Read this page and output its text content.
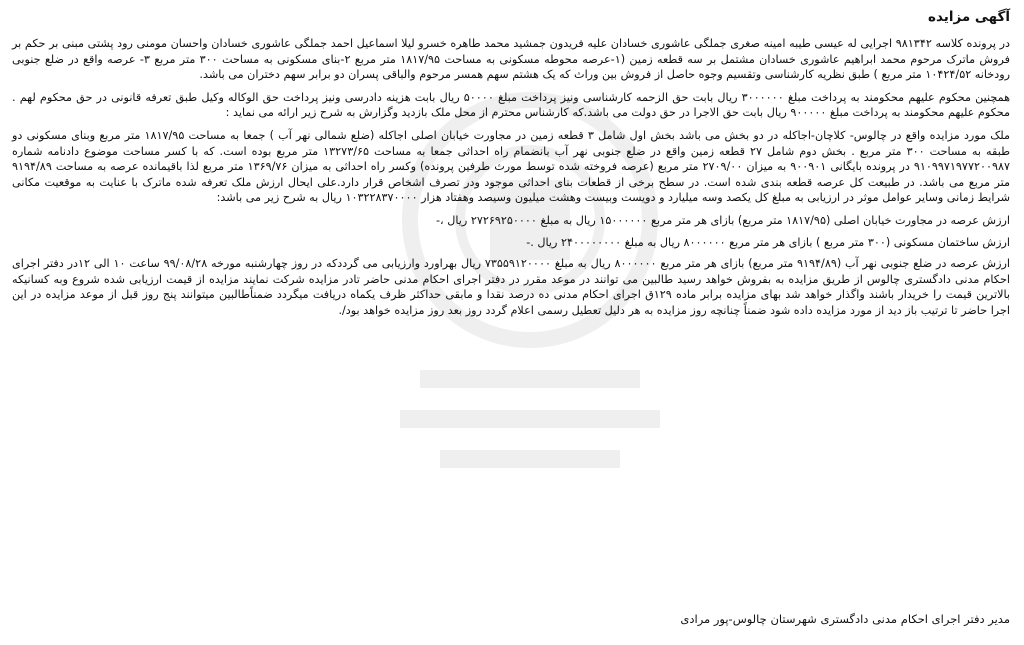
آگهی مزایده

در پرونده کلاسه ۹۸۱۳۴۲ اجرایی له عیسی طیبه امینه صغری جملگی عاشوری خسادان علیه فریدون جمشید محمد طاهره خسرو لیلا اسماعیل احمد جملگی عاشوری خسادان واحسان مومنی رود پشتی مبنی بر حکم بر فروش ماترک مرحوم محمد ابراهیم عاشوری خسادان مشتمل بر سه قطعه زمین (۱-عرصه محوطه مسکونی به مساحت ۱۸۱۷/۹۵ متر مربع ۲-بنای مسکونی به مساحت ۳۰۰ متر مربع ۳- عرصه واقع در ضلع جنوبی رودخانه ۱۰۴۲۴/۵۲ متر مربع ) طبق نظریه کارشناسی وتقسیم وجوه حاصل از فروش بین وراث که یک هشتم سهم همسر مرحوم والباقی پسران دو برابر سهم دختران می باشد.

همچنین محکوم علیهم محکومند به پرداخت مبلغ ۳۰۰۰۰۰۰ ریال بابت حق الزحمه کارشناسی ونیز پرداخت مبلغ ۵۰۰۰۰ ریال بابت هزینه دادرسی ونیز پرداخت حق الوکاله وکیل طبق تعرفه قانونی در حق محکوم لهم . محکوم علیهم محکومند به پرداخت مبلغ ۹۰۰۰۰۰ ریال بابت حق الاجرا در حق دولت می باشد.که کارشناس محترم از محل ملک بازدید وگزارش به شرح زیر ارائه می نماید :

ملک مورد مزایده واقع در چالوس- کلاچان-اجاکله در دو بخش می باشد بخش اول شامل ۳ قطعه زمین در مجاورت خیابان اصلی اجاکله (ضلع شمالی نهر آب ) جمعا به مساحت ۱۸۱۷/۹۵ متر مربع وبنای مسکونی دو طبقه به مساحت ۳۰۰ متر مربع . بخش دوم شامل ۲۷ قطعه زمین واقع در ضلع جنوبی نهر آب بانضمام راه احداثی جمعا به مساحت ۱۳۲۷۳/۶۵ متر مربع بوده است. که با کسر مساحت موضوع دادنامه شماره ۹۱۰۹۹۷۱۹۷۷۲۰۰۹۸۷ در پرونده بایگانی ۹۰۰۹۰۱ به میزان ۲۷۰۹/۰۰ متر مربع (عرصه فروخته شده توسط مورث طرفین پرونده) وکسر راه احداثی به میزان ۱۳۶۹/۷۶ متر مربع لذا باقیمانده عرصه به مساحت ۹۱۹۴/۸۹ متر مربع می باشد. در طبیعت کل عرصه قطعه بندی شده است. در سطح برخی از قطعات بنای احداثی موجود ودر تصرف اشخاص قرار دارد.علی ایحال ارزش ملک تعرفه شده ماترک با عنایت به موقعیت مکانی شرایط زمانی وسایر عوامل موثر در ارزیابی به مبلغ کل یکصد وسه میلیارد و دویست وبیست وهشت میلیون وسیصد وهفتاد هزار ۱۰۳۲۲۸۳۷۰۰۰۰ ریال به شرح زیر می باشد:

ارزش عرصه در مجاورت خیابان اصلی (۱۸۱۷/۹۵ متر مربع) بازای هر متر مربع ۱۵۰۰۰۰۰۰ ریال به مبلغ ۲۷۲۶۹۲۵۰۰۰۰ ریال ،-

ارزش ساختمان مسکونی (۳۰۰ متر مربع ) بازای هر متر مربع ۸۰۰۰۰۰۰ ریال به مبلغ ۲۴۰۰۰۰۰۰۰۰ ریال .-

ارزش عرصه در ضلع جنوبی نهر آب (۹۱۹۴/۸۹ متر مربع) بازای هر متر مربع ۸۰۰۰۰۰۰ ریال به مبلغ ۷۳۵۵۹۱۲۰۰۰۰ ریال بهراورد وارزیابی می گرددکه در روز چهارشنبه مورخه ۹۹/۰۸/۲۸ ساعت ۱۰ الی ۱۲در دفتر اجرای احکام مدنی دادگستری چالوس از طریق مزایده به بفروش خواهد رسید طالبین می توانند در موعد مقرر در دفتر اجرای احکام مدنی حاضر تادر مزایده شرکت نمایند مزایده از قیمت ارزیابی شده شروع وبه کسانیکه بالاترین قیمت را خریدار باشند واگذار خواهد شد بهای مزایده برابر ماده ۱۲۹ق اجرای احکام مدنی ده درصد نقدا و مابقی حداکثر ظرف یکماه دریافت میگردد ضمناًطالبین میتوانند پنج روز قبل از موعد مزایده در این اجرا حاضر تا ترتیب باز دید از مورد مزایده داده شود ضمناً چنانچه روز مزایده به هر دلیل تعطیل رسمی اعلام گردد روز بعد روز مزایده خواهد بود/.

مدیر دفتر اجرای احکام مدنی دادگستری شهرستان چالوس-پور مرادی
